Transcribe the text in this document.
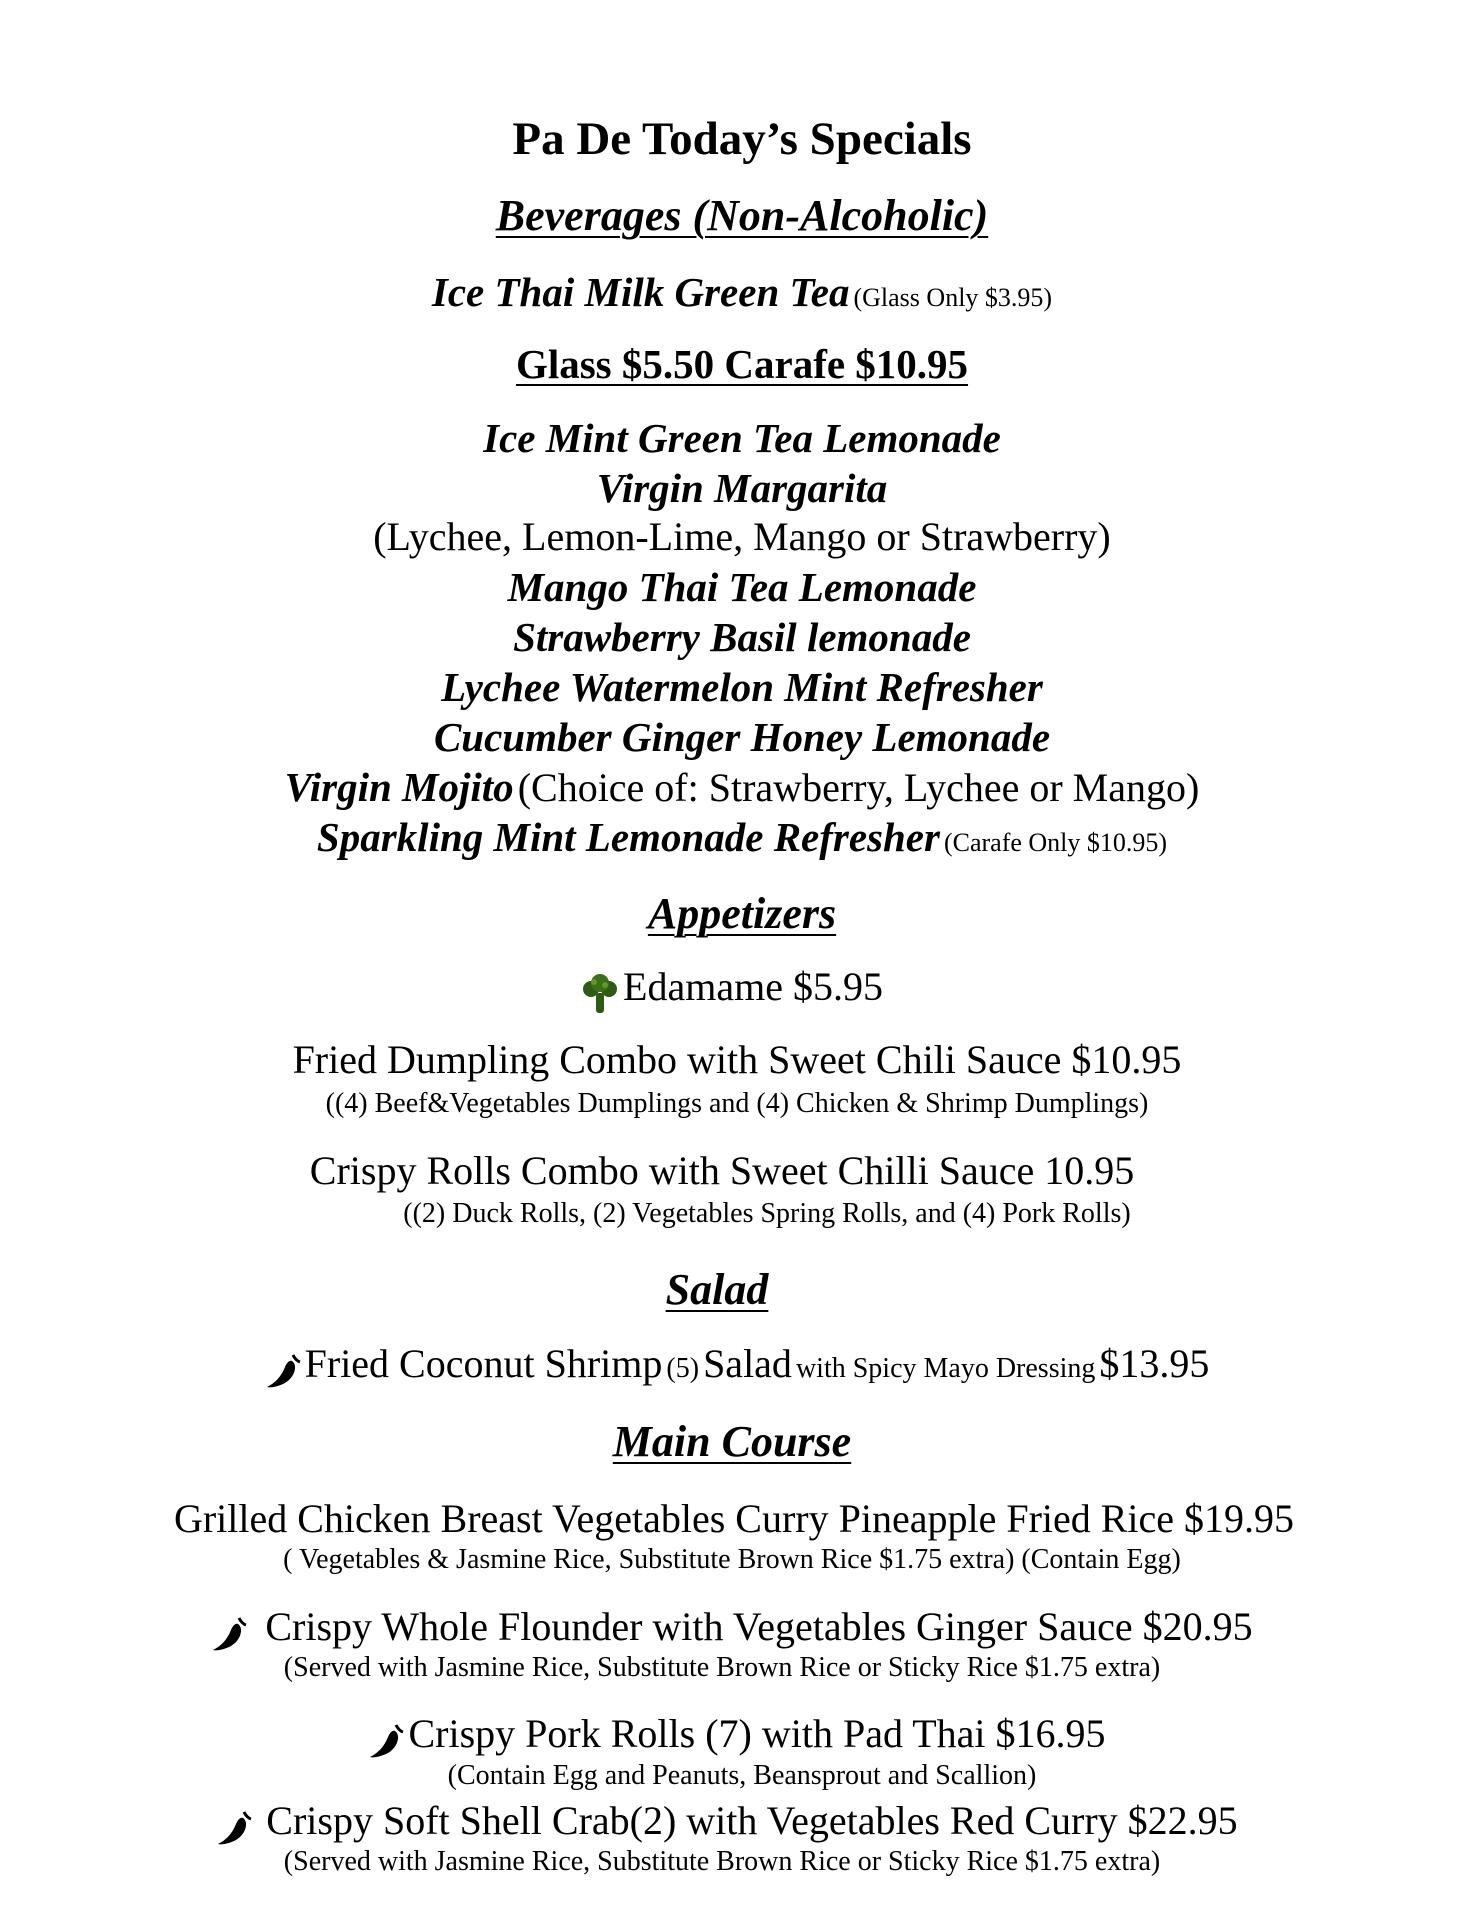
Pa De Today’s Specials
Beverages (Non-Alcoholic)
Ice Thai Milk Green Tea (Glass Only $3.95)
Glass $5.50 Carafe $10.95
Ice Mint Green Tea Lemonade
Virgin Margarita
(Lychee, Lemon-Lime, Mango or Strawberry)
Mango Thai Tea Lemonade
Strawberry Basil lemonade
Lychee Watermelon Mint Refresher
Cucumber Ginger Honey Lemonade
Virgin Mojito (Choice of: Strawberry, Lychee or Mango)
Sparkling Mint Lemonade Refresher (Carafe Only $10.95)
Appetizers
Edamame $5.95
Fried Dumpling Combo with Sweet Chili Sauce $10.95
((4) Beef&Vegetables Dumplings and (4) Chicken & Shrimp Dumplings)
Crispy Rolls Combo with Sweet Chilli Sauce 10.95
((2) Duck Rolls, (2) Vegetables Spring Rolls, and (4) Pork Rolls)
Salad
Fried Coconut Shrimp (5) Salad with Spicy Mayo Dressing $13.95
Main Course
Grilled Chicken Breast Vegetables Curry Pineapple Fried Rice $19.95
( Vegetables & Jasmine Rice, Substitute Brown Rice $1.75 extra) (Contain Egg)
Crispy Whole Flounder with Vegetables Ginger Sauce $20.95
(Served with Jasmine Rice, Substitute Brown Rice or Sticky Rice $1.75 extra)
Crispy Pork Rolls (7) with Pad Thai $16.95
(Contain Egg and Peanuts, Beansprout and Scallion)
Crispy Soft Shell Crab(2) with Vegetables Red Curry $22.95
(Served with Jasmine Rice, Substitute Brown Rice or Sticky Rice $1.75 extra)
